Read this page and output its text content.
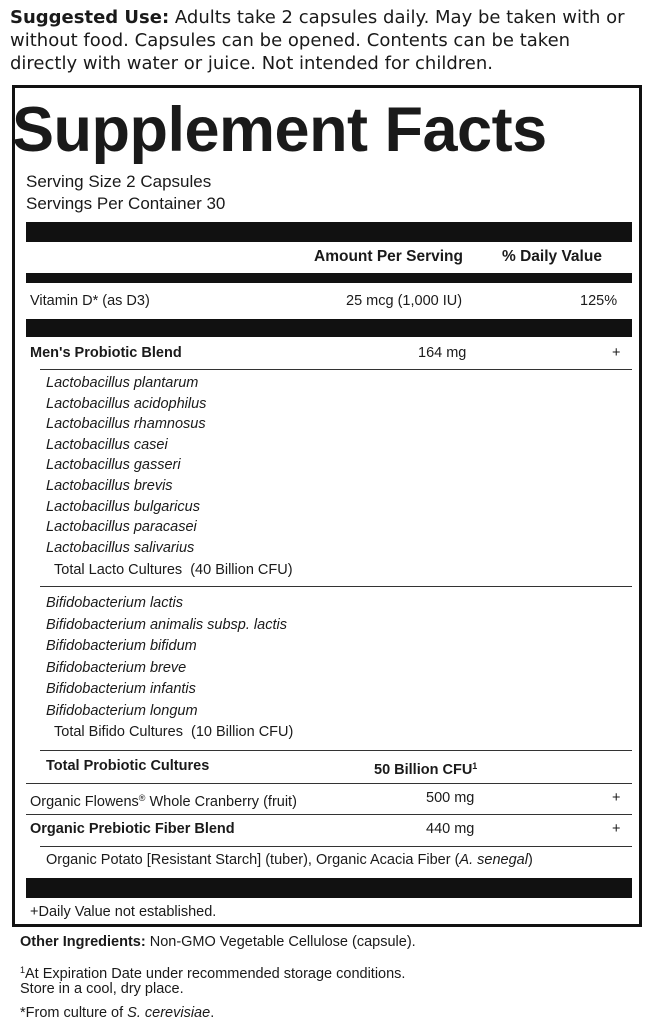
Suggested Use: Adults take 2 capsules daily. May be taken with or without food. Capsules can be opened. Contents can be taken directly with water or juice. Not intended for children.
Supplement Facts
Serving Size 2 Capsules
Servings Per Container 30
Amount Per Serving	% Daily Value
Vitamin D* (as D3)	25 mcg (1,000 IU)	125%
Men's Probiotic Blend	164 mg	+
Lactobacillus plantarum
Lactobacillus acidophilus
Lactobacillus rhamnosus
Lactobacillus casei
Lactobacillus gasseri
Lactobacillus brevis
Lactobacillus bulgaricus
Lactobacillus paracasei
Lactobacillus salivarius
Total Lacto Cultures  (40 Billion CFU)
Bifidobacterium lactis
Bifidobacterium animalis subsp. lactis
Bifidobacterium bifidum
Bifidobacterium breve
Bifidobacterium infantis
Bifidobacterium longum
Total Bifido Cultures  (10 Billion CFU)
Total Probiotic Cultures	50 Billion CFU$^1$
Organic Flowens® Whole Cranberry (fruit)	500 mg	+
Organic Prebiotic Fiber Blend	440 mg	+
Organic Potato [Resistant Starch] (tuber), Organic Acacia Fiber (A. senegal)
+Daily Value not established.
Other Ingredients: Non-GMO Vegetable Cellulose (capsule).
$^1$At Expiration Date under recommended storage conditions.
Store in a cool, dry place.
*From culture of S. cerevisiae.
